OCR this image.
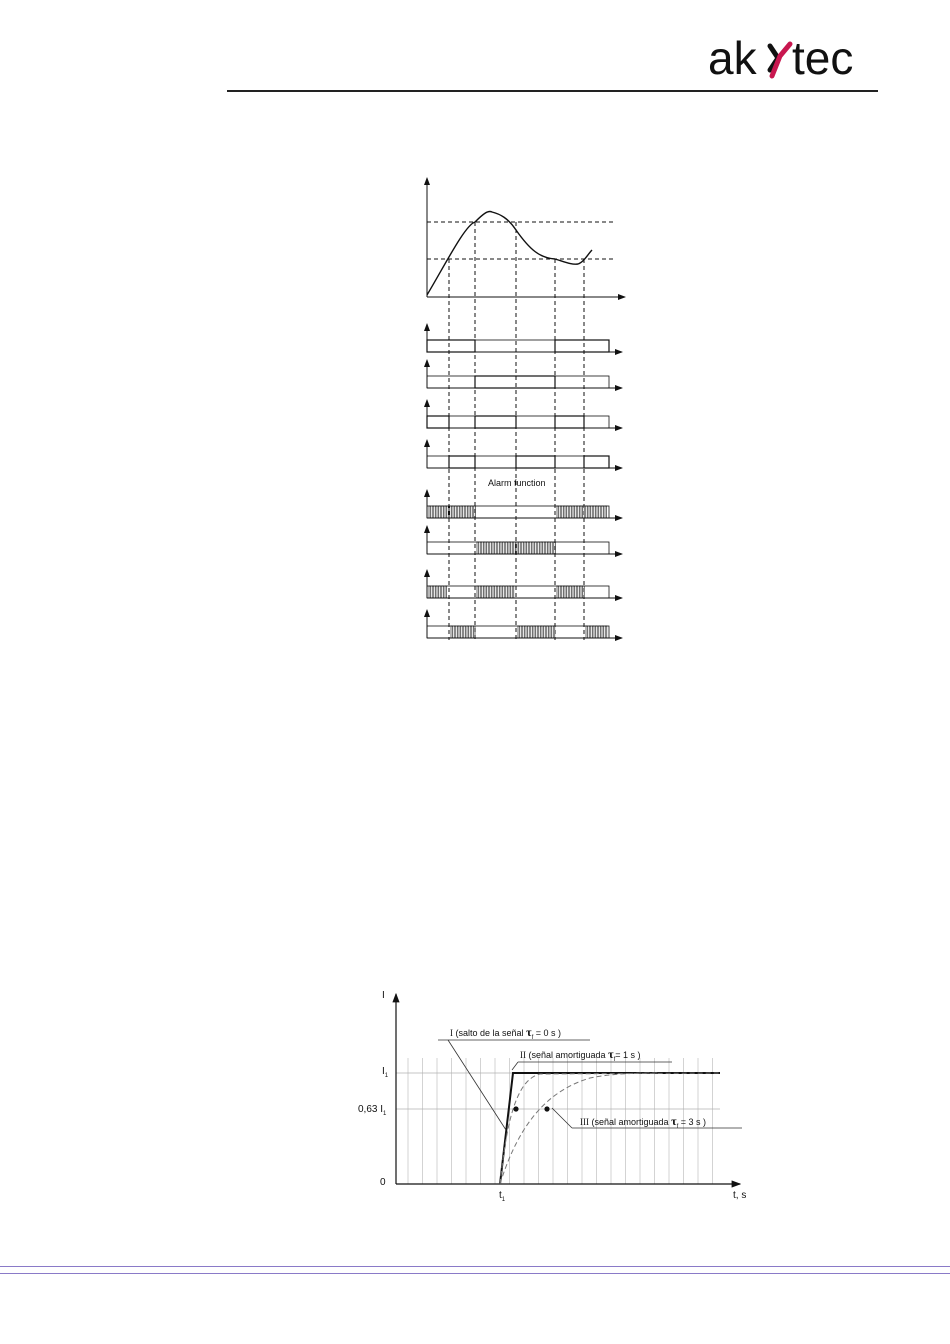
ak tec
Alarm function
I
t, s
$I_1$
0,63 $I_1$
0
$t_1$
I (salto de la señal $\tau_f = 0$ s )
II (señal amortiguada $\tau_f= 1$ s )
III (señal amortiguada $\tau_f = 3$ s )
